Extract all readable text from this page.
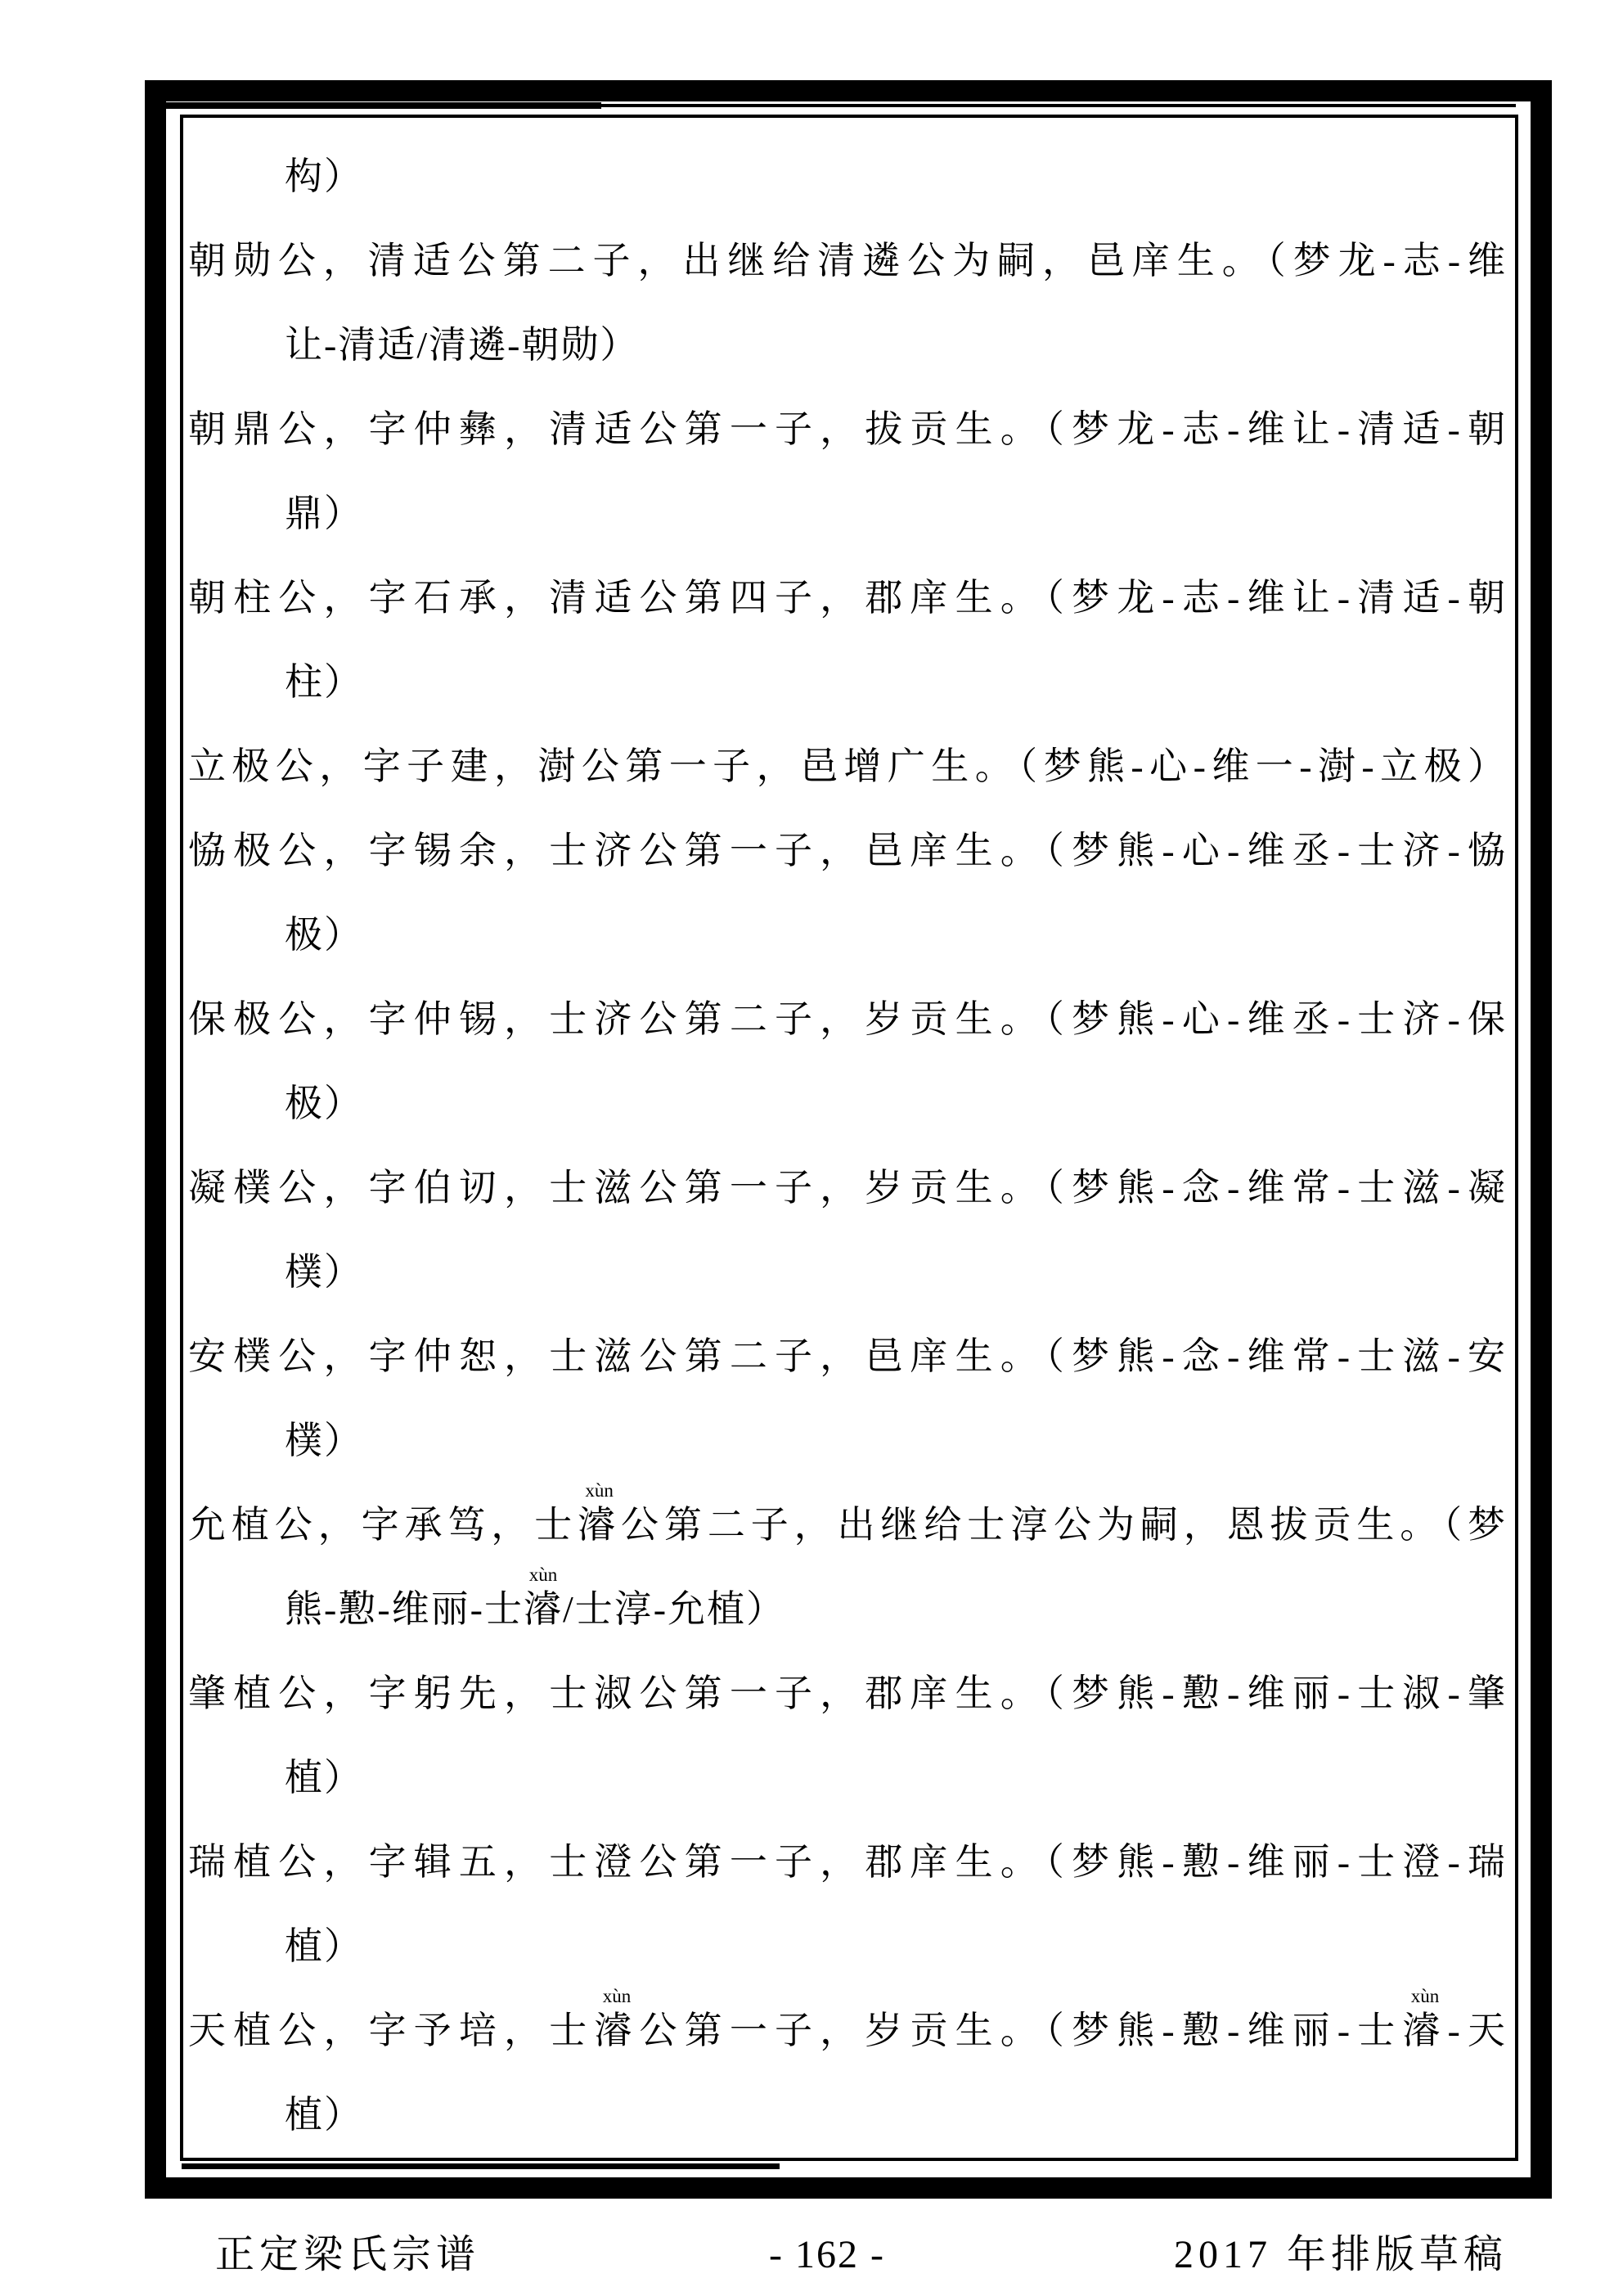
构）
朝勋公，清适公第二子，出继给清遴公为嗣，邑庠生。（梦龙-志-维
让-清适/清遴-朝勋）
朝鼎公，字仲彝，清适公第一子，拔贡生。（梦龙-志-维让-清适-朝
鼎）
朝柱公，字石承，清适公第四子，郡庠生。（梦龙-志-维让-清适-朝
柱）
立极公，字子建，澍公第一子，邑增广生。（梦熊-心-维一-澍-立极）
恊极公，字锡余，士济公第一子，邑庠生。（梦熊-心-维丞-士济-恊
极）
保极公，字仲锡，士济公第二子，岁贡生。（梦熊-心-维丞-士济-保
极）
凝樸公，字伯讱，士滋公第一子，岁贡生。（梦熊-念-维常-士滋-凝
樸）
安樸公，字仲恕，士滋公第二子，邑庠生。（梦熊-念-维常-士滋-安
樸）
允植公，字承笃，士濬
xùn
公第二子，出继给士淳公为嗣，恩拔贡生。（梦
熊-懃-维丽-士濬
xùn
/士淳-允植）
肇植公，字躬先，士淑公第一子，郡庠生。（梦熊-懃-维丽-士淑-肇
植）
瑞植公，字辑五，士澄公第一子，郡庠生。（梦熊-懃-维丽-士澄-瑞
植）
天植公，字予培，士濬
xùn
公第一子，岁贡生。（梦熊-懃-维丽-士濬
xùn
-天
植）
正定梁氏宗谱	- 162 -	2017 年排版草稿
